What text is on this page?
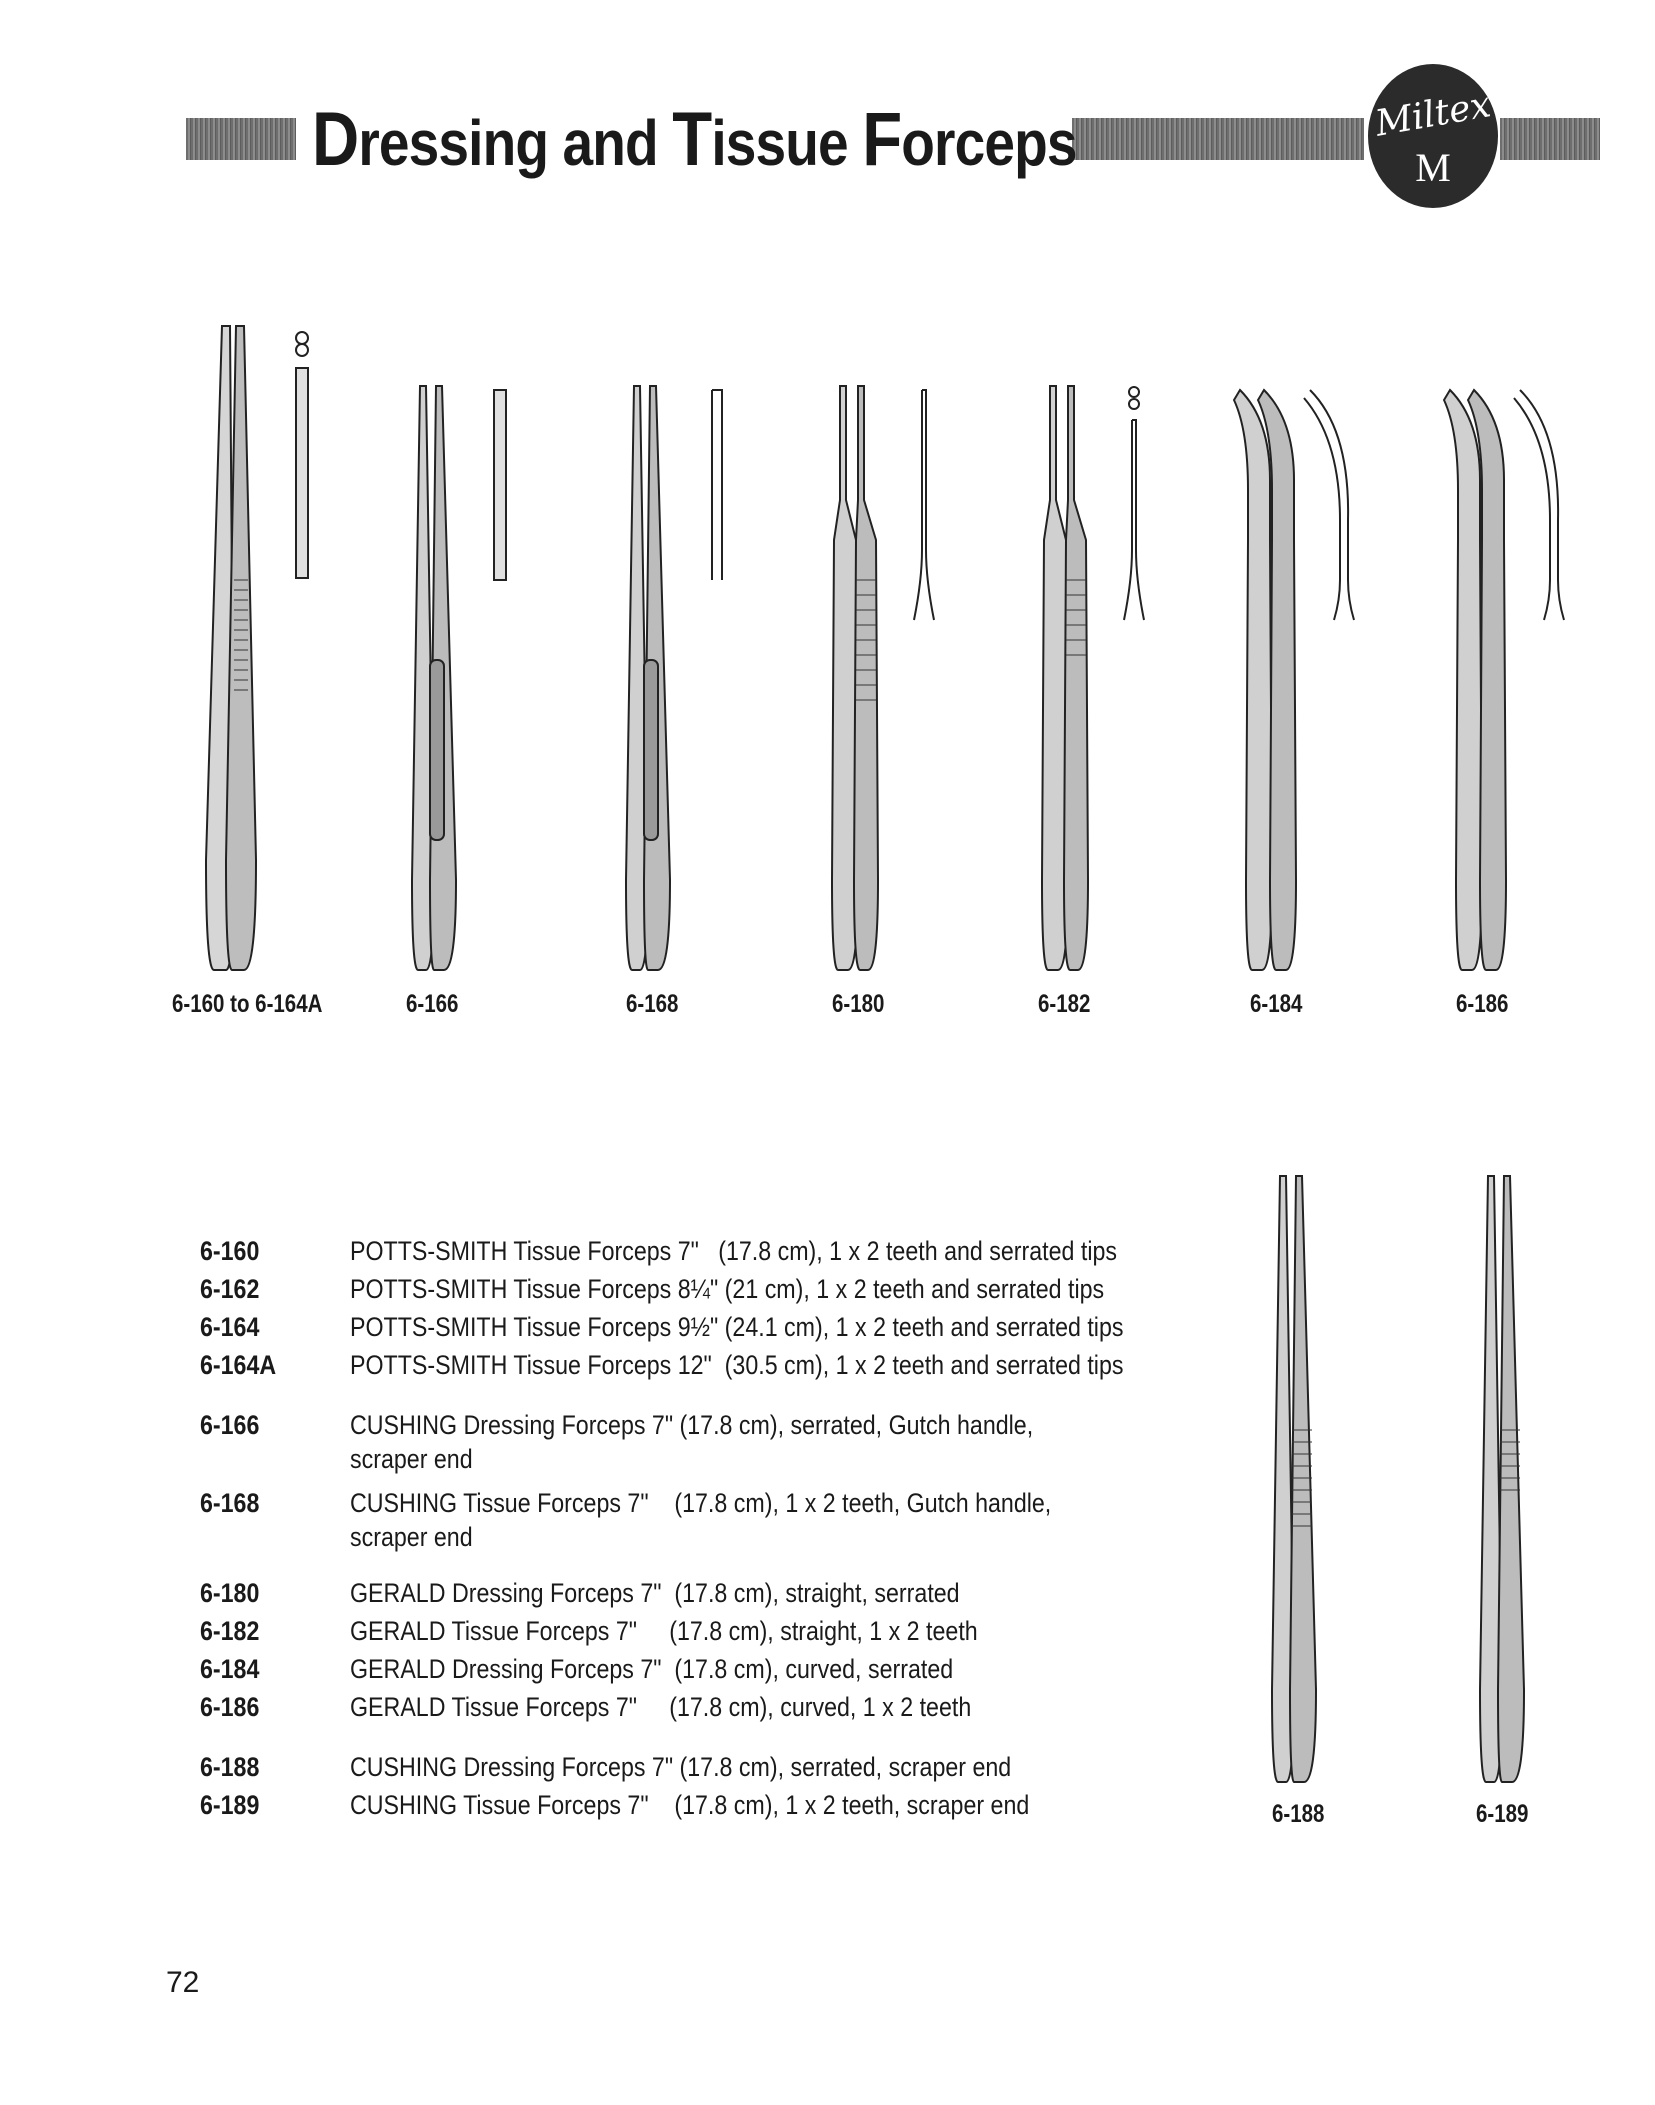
Dressing and Tissue Forceps	Miltex
M
6-160 to 6-164A	6-166	6-168	6-180	6-182	6-184	6-186
6-188	6-189
6-160	POTTS-SMITH Tissue Forceps 7"   (17.8 cm), 1 x 2 teeth and serrated tips
6-162	POTTS-SMITH Tissue Forceps 8¼" (21 cm), 1 x 2 teeth and serrated tips
6-164	POTTS-SMITH Tissue Forceps 9½" (24.1 cm), 1 x 2 teeth and serrated tips
6-164A	POTTS-SMITH Tissue Forceps 12"  (30.5 cm), 1 x 2 teeth and serrated tips
6-166	CUSHING Dressing Forceps 7" (17.8 cm), serrated, Gutch handle,
scraper end
6-168	CUSHING Tissue Forceps 7"    (17.8 cm), 1 x 2 teeth, Gutch handle,
scraper end
6-180	GERALD Dressing Forceps 7"  (17.8 cm), straight, serrated
6-182	GERALD Tissue Forceps 7"     (17.8 cm), straight, 1 x 2 teeth
6-184	GERALD Dressing Forceps 7"  (17.8 cm), curved, serrated
6-186	GERALD Tissue Forceps 7"     (17.8 cm), curved, 1 x 2 teeth
6-188	CUSHING Dressing Forceps 7" (17.8 cm), serrated, scraper end
6-189	CUSHING Tissue Forceps 7"    (17.8 cm), 1 x 2 teeth, scraper end
72
